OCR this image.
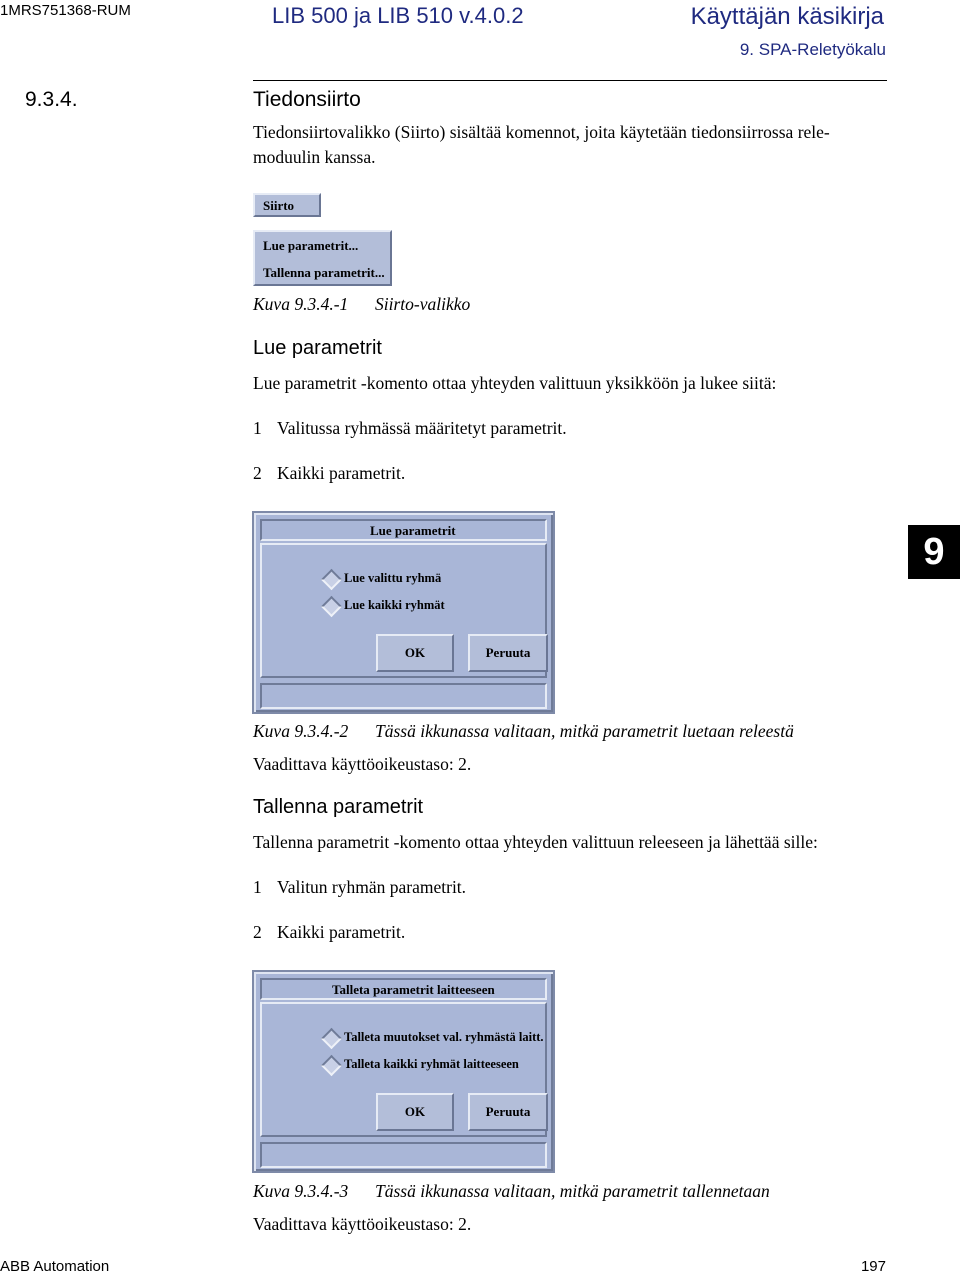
1MRS751368-RUM	LIB 500 ja LIB 510 v.4.0.2	Käyttäjän käsikirja
9. SPA-Reletyökalu
9.3.4.	Tiedonsiirto
Tiedonsiirtovalikko (Siirto) sisältää komennot, joita käytetään tiedonsiirrossa rele-
moduulin kanssa.
Siirto
Lue parametrit...
Tallenna parametrit...
Kuva 9.3.4.-1 Siirto-valikko
Lue parametrit
Lue parametrit -komento ottaa yhteyden valittuun yksikköön ja lukee siitä:
1 Valitussa ryhmässä määritetyt parametrit.
2 Kaikki parametrit.
Lue parametrit
Lue valittu ryhmä
Lue kaikki ryhmät
OK	Peruuta
Kuva 9.3.4.-2 Tässä ikkunassa valitaan, mitkä parametrit luetaan releestä
Vaadittava käyttöoikeustaso: 2.
Tallenna parametrit
Tallenna parametrit -komento ottaa yhteyden valittuun releeseen ja lähettää sille:
1 Valitun ryhmän parametrit.
2 Kaikki parametrit.
Talleta parametrit laitteeseen
Talleta muutokset val. ryhmästä laitt.
Talleta kaikki ryhmät laitteeseen
OK	Peruuta
Kuva 9.3.4.-3 Tässä ikkunassa valitaan, mitkä parametrit tallennetaan
Vaadittava käyttöoikeustaso: 2.
9
ABB Automation	197
